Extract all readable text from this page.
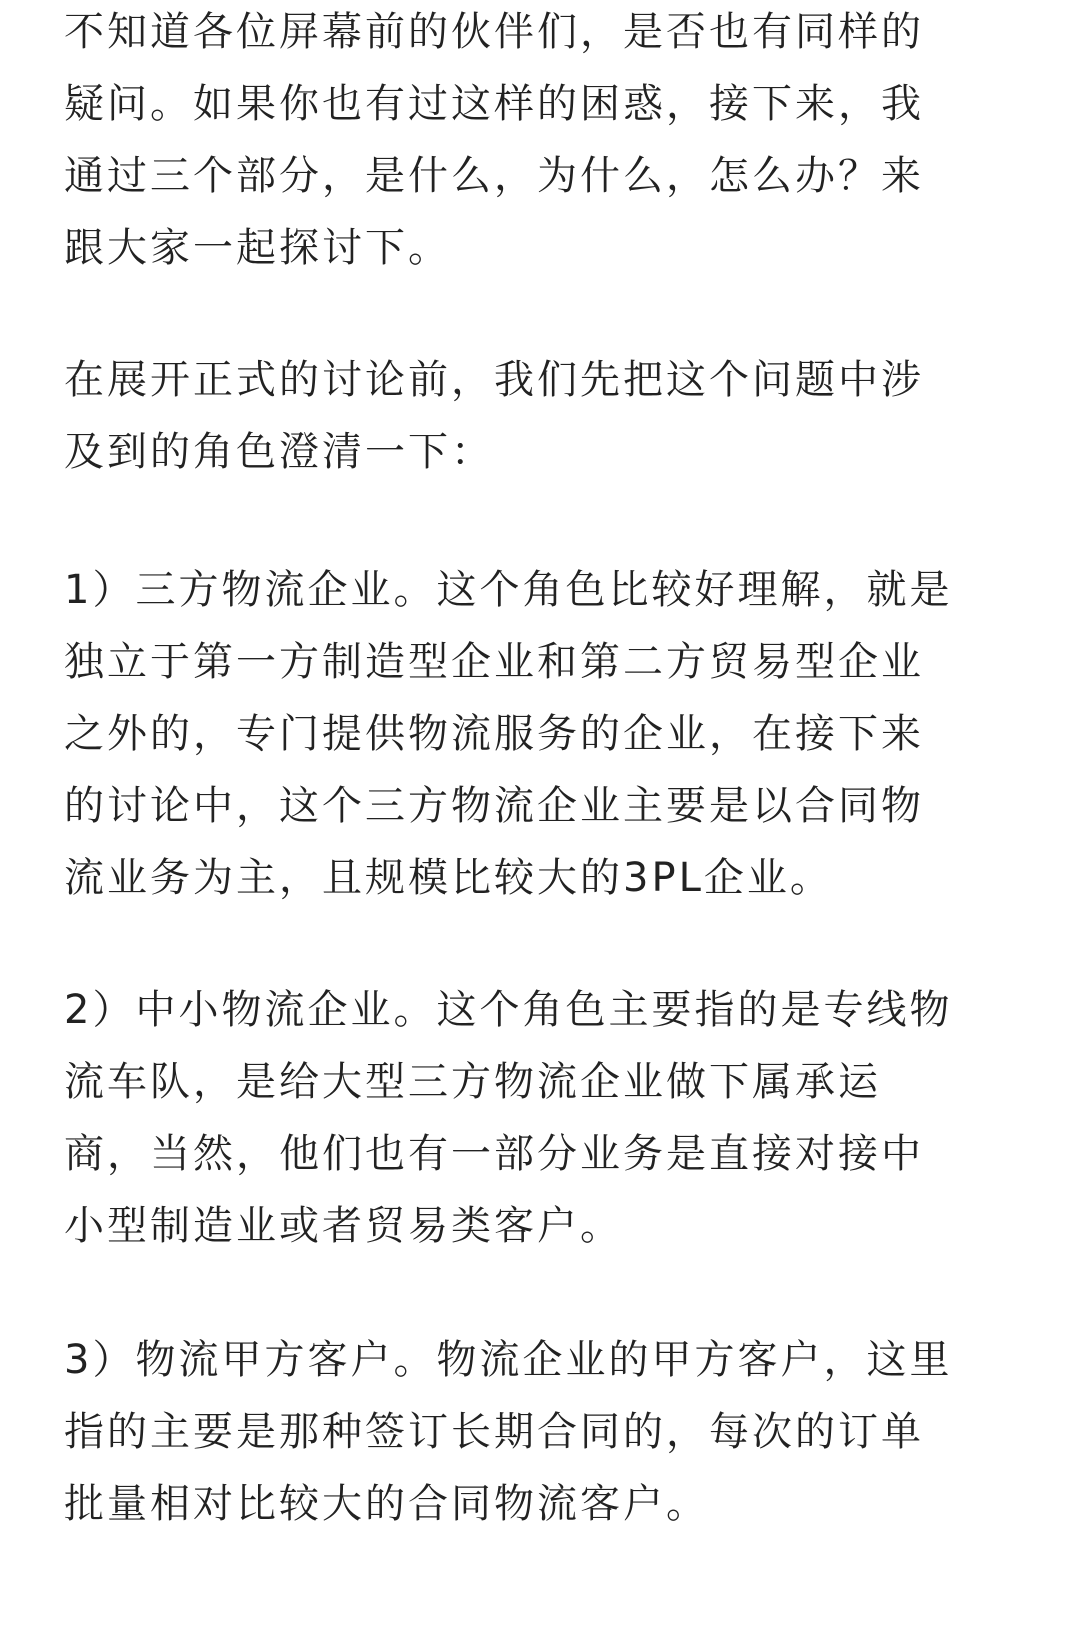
不知道各位屏幕前的伙伴们，是否也有同样的
疑问。如果你也有过这样的困惑，接下来，我
通过三个部分，是什么，为什么，怎么办？来
跟大家一起探讨下。

在展开正式的讨论前，我们先把这个问题中涉
及到的角色澄清一下：

1）三方物流企业。这个角色比较好理解，就是
独立于第一方制造型企业和第二方贸易型企业
之外的，专门提供物流服务的企业，在接下来
的讨论中，这个三方物流企业主要是以合同物
流业务为主，且规模比较大的3PL企业。

2）中小物流企业。这个角色主要指的是专线物
流车队，是给大型三方物流企业做下属承运
商，当然，他们也有一部分业务是直接对接中
小型制造业或者贸易类客户。

3）物流甲方客户。物流企业的甲方客户，这里
指的主要是那种签订长期合同的，每次的订单
批量相对比较大的合同物流客户。
